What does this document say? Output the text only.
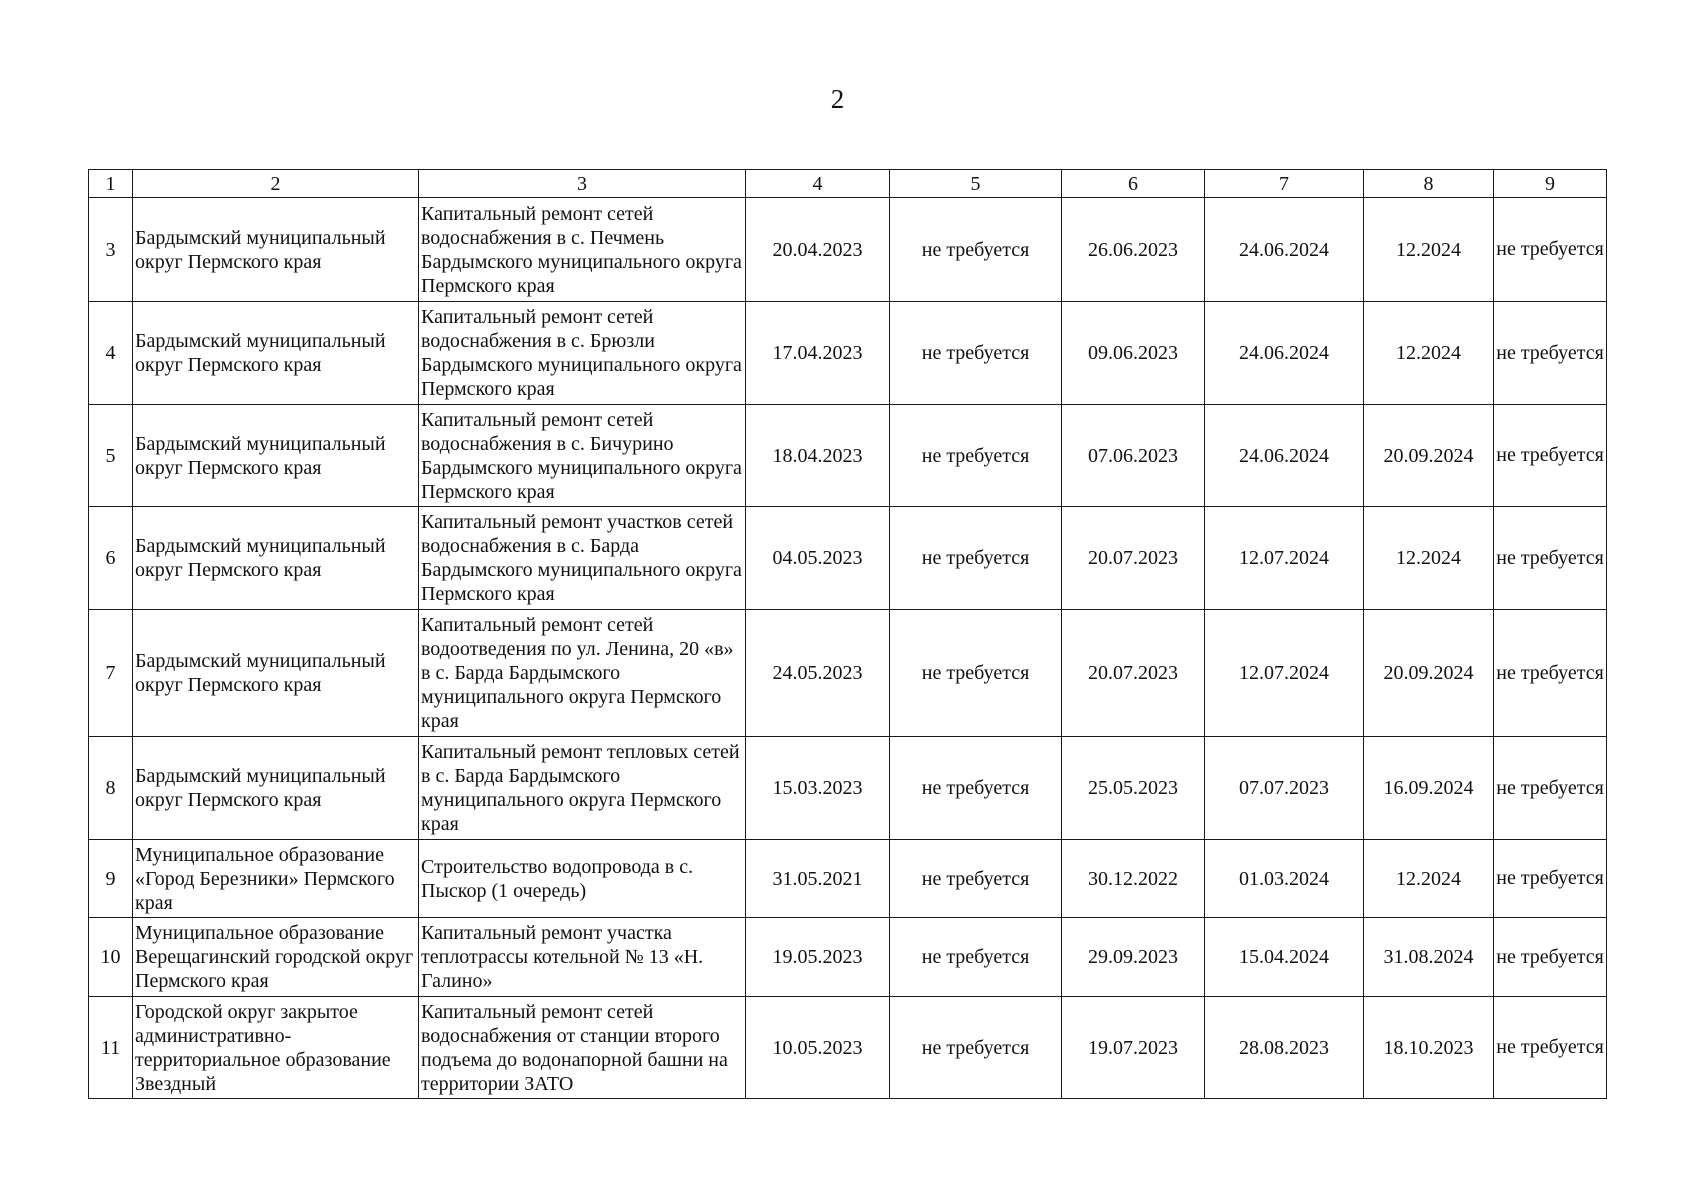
2
1	2	3	4	5	6	7	8	9
3	Бардымский муниципальный округ Пермского края	Капитальный ремонт сетей водоснабжения в с. Печмень Бардымского муниципального округа Пермского края	20.04.2023	не требуется	26.06.2023	24.06.2024	12.2024	не требуется
4	Бардымский муниципальный округ Пермского края	Капитальный ремонт сетей водоснабжения в с. Брюзли Бардымского муниципального округа Пермского края	17.04.2023	не требуется	09.06.2023	24.06.2024	12.2024	не требуется
5	Бардымский муниципальный округ Пермского края	Капитальный ремонт сетей водоснабжения в с. Бичурино Бардымского муниципального округа Пермского края	18.04.2023	не требуется	07.06.2023	24.06.2024	20.09.2024	не требуется
6	Бардымский муниципальный округ Пермского края	Капитальный ремонт участков сетей водоснабжения в с. Барда Бардымского муниципального округа Пермского края	04.05.2023	не требуется	20.07.2023	12.07.2024	12.2024	не требуется
7	Бардымский муниципальный округ Пермского края	Капитальный ремонт сетей водоотведения по ул. Ленина, 20 «в» в с. Барда Бардымского муниципального округа Пермского края	24.05.2023	не требуется	20.07.2023	12.07.2024	20.09.2024	не требуется
8	Бардымский муниципальный округ Пермского края	Капитальный ремонт тепловых сетей в с. Барда Бардымского муниципального округа Пермского края	15.03.2023	не требуется	25.05.2023	07.07.2023	16.09.2024	не требуется
9	Муниципальное образование «Город Березники» Пермского края	Строительство водопровода в с. Пыскор (1 очередь)	31.05.2021	не требуется	30.12.2022	01.03.2024	12.2024	не требуется
10	Муниципальное образование Верещагинский городской округ Пермского края	Капитальный ремонт участка теплотрассы котельной № 13 «Н. Галино»	19.05.2023	не требуется	29.09.2023	15.04.2024	31.08.2024	не требуется
11	Городской округ закрытое административно-территориальное образование Звездный	Капитальный ремонт сетей водоснабжения от станции второго подъема до водонапорной башни на территории ЗАТО	10.05.2023	не требуется	19.07.2023	28.08.2023	18.10.2023	не требуется
